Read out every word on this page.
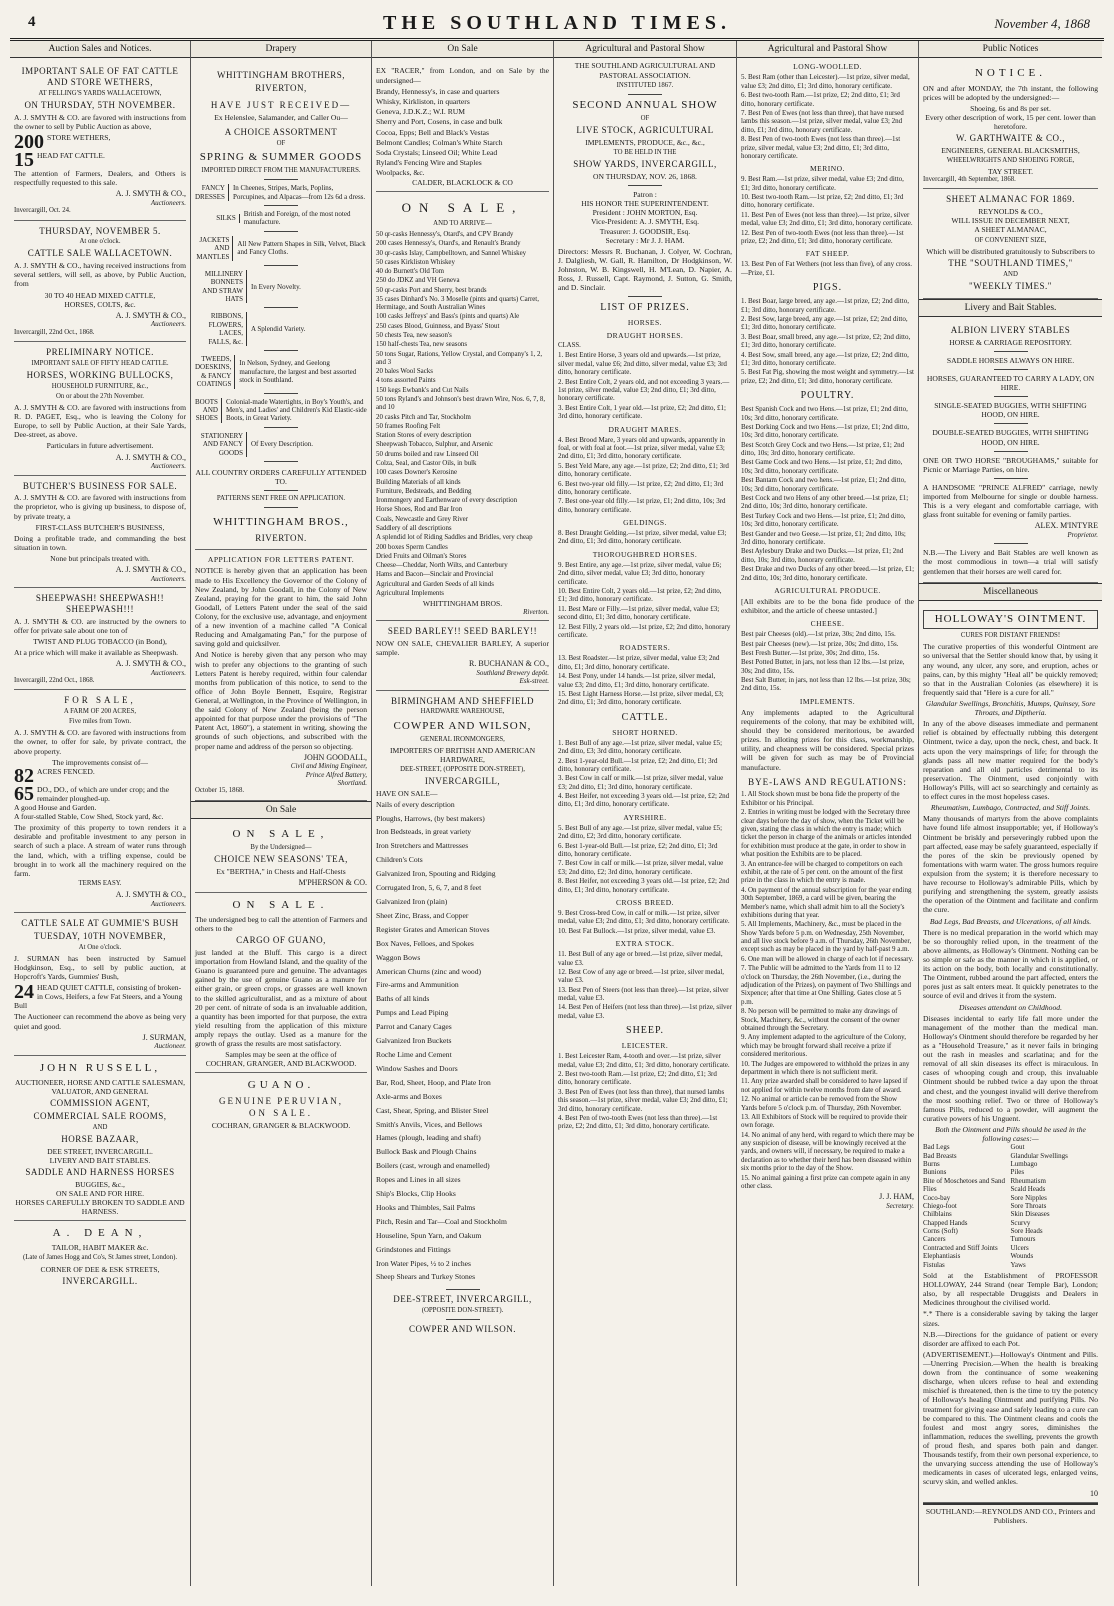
4	THE SOUTHLAND TIMES.	November 4, 1868
Auction Sales and Notices.
IMPORTANT SALE OF FAT CATTLE AND STORE WETHERS,
AT FELLING'S YARDS WALLACETOWN,
ON THURSDAY, 5TH NOVEMBER.

A. J. SMYTH & CO. are favored with instructions from the owner to sell by Public Auction as above,

200 STORE WETHERS,
15 HEAD FAT CATTLE.

The attention of Farmers, Dealers, and Others is respectfully requested to this sale.

A. J. SMYTH & CO.,
Auctioneers.
Invercargill, Oct. 24.
THURSDAY, NOVEMBER 5.
At one o'clock.
CATTLE SALE WALLACETOWN.

A. J. SMYTH & CO., having received instructions from several settlers, will sell, as above, by Public Auction, from

30 TO 40 HEAD MIXED CATTLE,
HORSES, COLTS, &c.
A. J. SMYTH & CO.,
Auctioneers.
Invercargill, 22nd Oct., 1868.
PRELIMINARY NOTICE.
IMPORTANT SALE OF FIFTY HEAD CATTLE.
HORSES, WORKING BULLOCKS,
HOUSEHOLD FURNITURE, &c.,
On or about the 27th November.

A. J. SMYTH & CO. are favored with instructions from R. D. PAGET, Esq., who is leaving the Colony for Europe, to sell by Public Auction, at their Sale Yards, Dee-street, as above.

Particulars in future advertisement.
A. J. SMYTH & CO.,
Auctioneers.
BUTCHER'S BUSINESS FOR SALE.

A. J. SMYTH & CO. are favored with instructions from the proprietor, who is giving up business, to dispose of, by private treaty, a

FIRST-CLASS BUTCHER'S BUSINESS,

Doing a profitable trade, and commanding the best situation in town.

None but principals treated with.
A. J. SMYTH & CO.,
Auctioneers.
SHEEPWASH! SHEEPWASH!! SHEEPWASH!!!

A. J. SMYTH & CO. are instructed by the owners to offer for private sale about one ton of

TWIST AND PLUG TOBACCO (in Bond),

At a price which will make it available as Sheepwash.

A. J. SMYTH & CO.,
Auctioneers.
Invercargill, 22nd Oct., 1868.
FOR SALE,
A FARM OF 200 ACRES,
Five miles from Town.

A. J. SMYTH & CO. are favored with instructions from the owner, to offer for sale, by private contract, the above property.

The improvements consist of—
82 ACRES FENCED.
65 DO., DO., of which are under crop; and the remainder ploughed-up.
A good House and Garden.
A four-stalled Stable, Cow Shed, Stock yard, &c.

The proximity of this property to town renders it a desirable and profitable investment to any person in search of such a place. A stream of water runs through the land, which, with a trifling expense, could be brought in to work all the machinery required on the farm.

TERMS EASY.
A. J. SMYTH & CO.,
Auctioneers.
CATTLE SALE AT GUMMIE'S BUSH
TUESDAY, 10TH NOVEMBER,
At One o'clock.

J. SURMAN has been instructed by Samuel Hodgkinson, Esq., to sell by public auction, at Hopcroft's Yards, Gummies' Bush,

24 HEAD QUIET CATTLE, consisting of broken-in Cows, Heifers, a few Fat Steers, and a Young Bull

The Auctioneer can recommend the above as being very quiet and good.

J. SURMAN,
Auctioneer.
JOHN RUSSELL,
AUCTIONEER, HORSE AND CATTLE SALESMAN, VALUATOR, AND GENERAL
COMMISSION AGENT,
COMMERCIAL SALE ROOMS,
AND
HORSE BAZAAR,
DEE STREET, INVERCARGILL.
LIVERY AND BAIT STABLES.
SADDLE AND HARNESS HORSES
BUGGIES, &c.,
ON SALE AND FOR HIRE.
HORSES CAREFULLY BROKEN TO SADDLE AND HARNESS.
A. DEAN,
TAILOR, HABIT MAKER &c.
(Late of James Hogg and Co's, St James street, London).
CORNER OF DEE & ESK STREETS,
INVERCARGILL.
Drapery
WHITTINGHAM BROTHERS,
RIVERTON,
HAVE JUST RECEIVED—
Ex Helenslee, Salamander, and Caller Ou—
A CHOICE ASSORTMENT
OF
SPRING & SUMMER GOODS
IMPORTED DIRECT FROM THE MANUFACTURERS.
FANCY DRESSES
In Cheenes, Stripes, Marls, Poplins, Porcupines, and Alpacas—from 12s 6d a dress.
SILKS
British and Foreign, of the most noted manufacture.
JACKETS AND MANTLES
All New Pattern Shapes in Silk, Velvet, Black and Fancy Cloths.
MILLINERY BONNETS AND STRAW HATS
In Every Novelty.
RIBBONS, FLOWERS, LACES, FALLS, &c.
A Splendid Variety.
TWEEDS, DOESKINS, & FANCY COATINGS
In Nelson, Sydney, and Geelong manufacture, the largest and best assorted stock in Southland.
BOOTS AND SHOES
Colonial-made Watertights, in Boy's Youth's, and Men's, and Ladies' and Children's Kid Elastic-side Boots, in Great Variety.
STATIONERY AND FANCY GOODS
Of Every Description.
ALL COUNTRY ORDERS CAREFULLY ATTENDED TO.
PATTERNS SENT FREE ON APPLICATION.
WHITTINGHAM BROS.,
RIVERTON.
APPLICATION FOR LETTERS PATENT.

NOTICE is hereby given that an application has been made to His Excellency the Governor of the Colony of New Zealand, by John Goodall, in the Colony of New Zealand, praying for the grant to him, the said John Goodall, of Letters Patent under the seal of the said Colony, for the exclusive use, advantage, and enjoyment of a new invention of a machine called "A Conical Reducing and Amalgamating Pan," for the purpose of saving gold and quicksilver.

And Notice is hereby given that any person who may wish to prefer any objections to the granting of such Letters Patent is hereby required, within four calendar months from publication of this notice, to send to the office of John Boyle Bennett, Esquire, Registrar General, at Wellington, in the Province of Wellington, in the said Colony of New Zealand (being the person appointed for that purpose under the provisions of "The Patent Act, 1860"), a statement in writing, showing the grounds of such objections, and subscribed with the proper name and address of the person so objecting.

JOHN GOODALL,
Civil and Mining Engineer,
Prince Alfred Battery,
Shortland.
October 15, 1868.
On Sale
ON SALE,
By the Undersigned—
CHOICE NEW SEASONS' TEA,
Ex "BERTHA," in Chests and Half-Chests
M'PHERSON & CO.
ON SALE.

The undersigned beg to call the attention of Farmers and others to the

CARGO OF GUANO,

just landed at the Bluff. This cargo is a direct importation from Howland Island, and the quality of the Guano is guaranteed pure and genuine. The advantages gained by the use of genuine Guano as a manure for either grain, or green crops, or grasses are well known to the skilled agriculturalist, and as a mixture of about 20 per cent. of nitrate of soda is an invaluable addition, a quantity has been imported for that purpose, the extra yield resulting from the application of this mixture amply repays the outlay. Used as a manure for the growth of grass the results are most satisfactory.

Samples may be seen at the office of
COCHRAN, GRANGER, AND BLACKWOOD.
GUANO.
GENUINE PERUVIAN,
ON SALE.
COCHRAN, GRANGER & BLACKWOOD.
On Sale

EX "RACER," from London, and on Sale by the undersigned—

Brandy, Hennessy's, in case and quarters
Whisky, Kirkliston, in quarters
Geneva, J.D.K.Z.; W.I. RUM
Sherry and Port, Cosens, in case and bulk
Cocoa, Epps; Bell and Black's Vestas
Belmont Candles; Colman's White Starch
Soda Crystals; Linseed Oil; White Lead
Ryland's Fencing Wire and Staples
Woolpacks, &c.
CALDER, BLACKLOCK & CO
ON SALE,
AND TO ARRIVE—
50 qr-casks Hennessy's, Otard's, and CPV Brandy
200 cases Hennessy's, Otard's, and Renault's Brandy
30 qr-casks Islay, Campbelltown, and Sannel Whiskey
50 cases Kirkliston Whiskey
40 do Burnett's Old Tom
250 do JDKZ and VH Geneva
50 qr-casks Port and Sherry, best brands
35 cases Dinhard's No. 3 Moselle (pints and quarts) Carret, Hermitage, and South Australian Wines
100 casks Jeffreys' and Bass's (pints and quarts) Ale
250 cases Blood, Guinness, and Byass' Stout
50 chests Tea, new season's
150 half-chests Tea, new seasons
50 tons Sugar, Rations, Yellow Crystal, and Company's 1, 2, and 3
20 bales Wool Sacks
4 tons assorted Paints
150 kegs Ewbank's and Cut Nails
50 tons Ryland's and Johnson's best drawn Wire, Nos. 6, 7, 8, and 10
20 casks Pitch and Tar, Stockholm
50 frames Roofing Felt
Station Stores of every description
Sheepwash Tobacco, Sulphur, and Arsenic
50 drums boiled and raw Linseed Oil
Colza, Seal, and Castor Oils, in bulk
100 cases Downer's Kerosine
Building Materials of all kinds
Furniture, Bedsteads, and Bedding
Ironmongery and Earthenware of every description
Horse Shoes, Rod and Bar Iron
Coals, Newcastle and Grey River
Saddlery of all descriptions
A splendid lot of Riding Saddles and Bridles, very cheap
200 boxes Sperm Candles
Dried Fruits and Oilman's Stores
Cheese—Cheddar, North Wilts, and Canterbury
Hams and Bacon—Sinclair and Provincial
Agricultural and Garden Seeds of all kinds
Agricultural Implements
WHITTINGHAM BROS.
Riverton.
SEED BARLEY!! SEED BARLEY!!

NOW ON SALE, CHEVALIER BARLEY, A superior sample.

R. BUCHANAN & CO.,
Southland Brewery depôt.
Esk-street.
BIRMINGHAM AND SHEFFIELD
HARDWARE WAREHOUSE,
COWPER AND WILSON,
GENERAL IRONMONGERS,
IMPORTERS OF BRITISH AND AMERICAN HARDWARE,
DEE-STREET, (OPPOSITE DON-STREET),
INVERCARGILL,
HAVE ON SALE—
Nails of every description
Ploughs, Harrows, (by best makers)
Iron Bedsteads, in great variety
Iron Stretchers and Mattresses
Children's Cots
Galvanized Iron, Spouting and Ridging
Corrugated Iron, 5, 6, 7, and 8 feet
Galvanized Iron (plain)
Sheet Zinc, Brass, and Copper
Register Grates and American Stoves
Box Naves, Felloes, and Spokes
Waggon Bows
American Churns (zinc and wood)
Fire-arms and Ammunition
Baths of all kinds
Pumps and Lead Piping
Parrot and Canary Cages
Galvanized Iron Buckets
Roche Lime and Cement
Window Sashes and Doors
Bar, Rod, Sheet, Hoop, and Plate Iron
Axle-arms and Boxes
Cast, Shear, Spring, and Blister Steel
Smith's Anvils, Vices, and Bellows
Hames (plough, leading and shaft)
Bullock Bask and Plough Chains
Boilers (cast, wrough and enamelled)
Ropes and Lines in all sizes
Ship's Blocks, Clip Hooks
Hooks and Thimbles, Sail Palms
Pitch, Resin and Tar—Coal and Stockholm
Houseline, Spun Yarn, and Oakum
Grindstones and Fittings
Iron Water Pipes, ½ to 2 inches
Sheep Shears and Turkey Stones
DEE-STREET, INVERCARGILL,
(OPPOSITE DON-STREET).
COWPER AND WILSON.
Agricultural and Pastoral Show
THE SOUTHLAND AGRICULTURAL AND PASTORAL ASSOCIATION.
INSTITUTED 1867.
SECOND ANNUAL SHOW
OF
LIVE STOCK, AGRICULTURAL
IMPLEMENTS, PRODUCE, &c., &c.,
TO BE HELD IN THE
SHOW YARDS, INVERCARGILL,
ON THURSDAY, NOV. 26, 1868.
Patron :
HIS HONOR THE SUPERINTENDENT.
President : JOHN MORTON, Esq.
Vice-President: A. J. SMYTH, Esq.
Treasurer: J. GOODSIR, Esq.
Secretary : Mr J. J. HAM.

Directors: Messrs R. Buchanan, J. Colyer, W. Cochran, J. Dalgliesh, W. Gall, R. Hamilton, Dr Hodgkinson, W. Johnston, W. B. Kingswell, H. M'Lean, D. Napier, A. Ross, J. Russell, Capt. Raymond, J. Sutton, G. Smith, and D. Sinclair.

LIST OF PRIZES.
HORSES.
DRAUGHT HORSES.
CLASS.
1. Best Entire Horse, 3 years old and upwards.—1st prize, silver medal, value £6; 2nd ditto, silver medal, value £3; 3rd ditto, honorary certificate.
2. Best Entire Colt, 2 years old, and not exceeding 3 years.—1st prize, silver medal, value £3; 2nd ditto, £1; 3rd ditto, honorary certificate.
3. Best Entire Colt, 1 year old.—1st prize, £2; 2nd ditto, £1; 3rd ditto, honorary certificate.
DRAUGHT MARES.
4. Best Brood Mare, 3 years old and upwards, apparently in foal, or with foal at foot.—1st prize, silver medal, value £3; 2nd ditto, £1; 3rd ditto, honorary certificate.
5. Best Yeld Mare, any age.—1st prize, £2; 2nd ditto, £1; 3rd ditto, honorary certificate.
6. Best two-year old filly.—1st prize, £2; 2nd ditto, £1; 3rd ditto, honorary certificate.
7. Best one-year old filly.—1st prize, £1; 2nd ditto, 10s; 3rd ditto, honorary certificate.
GELDINGS.
8. Best Draught Gelding.—1st prize, silver medal, value £3; 2nd ditto, £1; 3rd ditto, honorary certificate.
THOROUGHBRED HORSES.
9. Best Entire, any age.—1st prize, silver medal, value £6; 2nd ditto, silver medal, value £3; 3rd ditto, honorary certificate.
10. Best Entire Colt, 2 years old.—1st prize, £2; 2nd ditto, £1; 3rd ditto, honorary certificate.
11. Best Mare or Filly.—1st prize, silver medal, value £3; second ditto, £1; 3rd ditto, honorary certificate.
12. Best Filly, 2 years old.—1st prize, £2; 2nd ditto, honorary certificate.
ROADSTERS.
13. Best Roadster.—1st prize, silver medal, value £3; 2nd ditto, £1; 3rd ditto, honorary certificate.
14. Best Pony, under 14 hands.—1st prize, silver medal, value £3; 2nd ditto, £1; 3rd ditto, honorary certificate.
15. Best Light Harness Horse.—1st prize, silver medal, £3; 2nd ditto, £1; 3rd ditto, honorary certificate.
CATTLE.
SHORT HORNED.
1. Best Bull of any age.—1st prize, silver medal, value £5; 2nd ditto, £3; 3rd ditto, honorary certificate.
2. Best 1-year-old Bull.—1st prize, £2; 2nd ditto, £1; 3rd ditto, honorary certificate.
3. Best Cow in calf or milk.—1st prize, silver medal, value £3; 2nd ditto, £1; 3rd ditto, honorary certificate.
4. Best Heifer, not exceeding 3 years old.—1st prize, £2; 2nd ditto, £1; 3rd ditto, honorary certificate.
AYRSHIRE.
5. Best Bull of any age.—1st prize, silver medal, value £5; 2nd ditto, £2; 3rd ditto, honorary certificate.
6. Best 1-year-old Bull.—1st prize, £2; 2nd ditto, £1; 3rd ditto, honorary certificate.
7. Best Cow in calf or milk.—1st prize, silver medal, value £3; 2nd ditto, £2; 3rd ditto, honorary certificate.
8. Best Heifer, not exceeding 3 years old.—1st prize, £2; 2nd ditto, £1; 3rd ditto, honorary certificate.
CROSS BREED.
9. Best Cross-bred Cow, in calf or milk.—1st prize, silver medal, value £3; 2nd ditto, £1; 3rd ditto, honorary certificate.
10. Best Fat Bullock.—1st prize, silver medal, value £3.
EXTRA STOCK.
11. Best Bull of any age or breed.—1st prize, silver medal, value £3.
12. Best Cow of any age or breed.—1st prize, silver medal, value £3.
13. Best Pen of Steers (not less than three).—1st prize, silver medal, value £3.
14. Best Pen of Heifers (not less than three).—1st prize, silver medal, value £3.
SHEEP.
LEICESTER.
1. Best Leicester Ram, 4-tooth and over.—1st prize, silver medal, value £3; 2nd ditto, £1; 3rd ditto, honorary certificate.
2. Best two-tooth Ram.—1st prize, £2; 2nd ditto, £1; 3rd ditto, honorary certificate.
3. Best Pen of Ewes (not less than three), that nursed lambs this season.—1st prize, silver medal, value £3; 2nd ditto, £1; 3rd ditto, honorary certificate.
4. Best Pen of two-tooth Ewes (not less than three).—1st prize, £2; 2nd ditto, £1; 3rd ditto, honorary certificate.
Agricultural and Pastoral Show
LONG-WOOLLED.
5. Best Ram (other than Leicester).—1st prize, silver medal, value £3; 2nd ditto, £1; 3rd ditto, honorary certificate.
6. Best two-tooth Ram.—1st prize, £2; 2nd ditto, £1; 3rd ditto, honorary certificate.
7. Best Pen of Ewes (not less than three), that have nursed lambs this season.—1st prize, silver medal, value £3; 2nd ditto, £1; 3rd ditto, honorary certificate.
8. Best Pen of two-tooth Ewes (not less than three).—1st prize, silver medal, value £3; 2nd ditto, £1; 3rd ditto, honorary certificate.
MERINO.
9. Best Ram.—1st prize, silver medal, value £3; 2nd ditto, £1; 3rd ditto, honorary certificate.
10. Best two-tooth Ram.—1st prize, £2; 2nd ditto, £1; 3rd ditto, honorary certificate.
11. Best Pen of Ewes (not less than three).—1st prize, silver medal, value £3; 2nd ditto, £1; 3rd ditto, honorary certificate.
12. Best Pen of two-tooth Ewes (not less than three).—1st prize, £2; 2nd ditto, £1; 3rd ditto, honorary certificate.
FAT SHEEP.
13. Best Pen of Fat Wethers (not less than five), of any cross.—Prize, £1.
PIGS.
1. Best Boar, large breed, any age.—1st prize, £2; 2nd ditto, £1; 3rd ditto, honorary certificate.
2. Best Sow, large breed, any age.—1st prize, £2; 2nd ditto, £1; 3rd ditto, honorary certificate.
3. Best Boar, small breed, any age.—1st prize, £2; 2nd ditto, £1; 3rd ditto, honorary certificate.
4. Best Sow, small breed, any age.—1st prize, £2; 2nd ditto, £1; 3rd ditto, honorary certificate.
5. Best Fat Pig, showing the most weight and symmetry.—1st prize, £2; 2nd ditto, £1; 3rd ditto, honorary certificate.
POULTRY.
Best Spanish Cock and two Hens.—1st prize, £1; 2nd ditto, 10s; 3rd ditto, honorary certificate.
Best Dorking Cock and two Hens.—1st prize, £1; 2nd ditto, 10s; 3rd ditto, honorary certificate.
Best Scotch Grey Cock and two Hens.—1st prize, £1; 2nd ditto, 10s; 3rd ditto, honorary certificate.
Best Game Cock and two Hens.—1st prize, £1; 2nd ditto, 10s; 3rd ditto, honorary certificate.
Best Bantam Cock and two hens.—1st prize, £1; 2nd ditto, 10s; 3rd ditto, honorary certificate.
Best Cock and two Hens of any other breed.—1st prize, £1; 2nd ditto, 10s; 3rd ditto, honorary certificate.
Best Turkey Cock and two Hens.—1st prize, £1; 2nd ditto, 10s; 3rd ditto, honorary certificate.
Best Gander and two Geese.—1st prize, £1; 2nd ditto, 10s; 3rd ditto, honorary certificate.
Best Aylesbury Drake and two Ducks.—1st prize, £1; 2nd ditto, 10s; 3rd ditto, honorary certificate.
Best Drake and two Ducks of any other breed.—1st prize, £1; 2nd ditto, 10s; 3rd ditto, honorary certificate.
AGRICULTURAL PRODUCE.

[All exhibits are to be the bona fide produce of the exhibitor, and the article of cheese untasted.]

CHEESE.
Best pair Cheeses (old).—1st prize, 30s; 2nd ditto, 15s.
Best pair Cheeses (new).—1st prize, 30s; 2nd ditto, 15s.
Best Fresh Butter.—1st prize, 30s; 2nd ditto, 15s.
Best Potted Butter, in jars, not less than 12 lbs.—1st prize, 30s; 2nd ditto, 15s.
Best Salt Butter, in jars, not less than 12 lbs.—1st prize, 30s; 2nd ditto, 15s.
IMPLEMENTS.

Any implements adapted to the Agricultural requirements of the colony, that may be exhibited will, should they be considered meritorious, be awarded prizes. In alloting prizes for this class, workmanship, utility, and cheapness will be considered. Special prizes will be given for such as may be of Provincial manufacture.

BYE-LAWS AND REGULATIONS:
1. All Stock shown must be bona fide the property of the Exhibitor or his Principal.
2. Entries in writing must be lodged with the Secretary three clear days before the day of show, when the Ticket will be given, stating the class in which the entry is made; which ticket the person in charge of the animals or articles intended for exhibition must produce at the gate, in order to show in what position the Exhibits are to be placed.
3. An entrance-fee will be charged to competitors on each exhibit, at the rate of 5 per cent. on the amount of the first prize in the class in which the entry is made.
4. On payment of the annual subscription for the year ending 30th September, 1869, a card will be given, bearing the Member's name, which shall admit him to all the Society's exhibitions during that year.
5. All Implements, Machinery, &c., must be placed in the Show Yards before 5 p.m. on Wednesday, 25th November, and all live stock before 9 a.m. of Thursday, 26th November, except such as may be placed in the yard by half-past 9 a.m.
6. One man will be allowed in charge of each lot if necessary.
7. The Public will be admitted to the Yards from 11 to 12 o'clock on Thursday, the 26th November, (i.e., during the adjudication of the Prizes), on payment of Two Shillings and Sixpence; after that time at One Shilling. Gates close at 5 p.m.
8. No person will be permitted to make any drawings of Stock, Machinery, &c., without the consent of the owner obtained through the Secretary.
9. Any implement adapted to the agriculture of the Colony, which may be brought forward shall receive a prize if considered meritorious.
10. The Judges are empowered to withhold the prizes in any department in which there is not sufficient merit.
11. Any prize awarded shall be considered to have lapsed if not applied for within twelve months from date of award.
12. No animal or article can be removed from the Show Yards before 5 o'clock p.m. of Thursday, 26th November.
13. All Exhibitors of Stock will be required to provide their own forage.
14. No animal of any herd, with regard to which there may be any suspicion of disease, will be knowingly received at the yards, and owners will, if necessary, be required to make a declaration as to whether their herd has been diseased within six months prior to the day of the Show.
15. No animal gaining a first prize can compete again in any other class.
J. J. HAM,
Secretary.
Public Notices
NOTICE.

ON and after MONDAY, the 7th instant, the following prices will be adopted by the undersigned:—

Shoeing, 6s and 8s per set.
Every other description of work, 15 per cent. lower than heretofore.
W. GARTHWAITE & CO.,
ENGINEERS, GENERAL BLACKSMITHS,
WHEELWRIGHTS AND SHOEING FORGE,
TAY STREET.
Invercargill, 4th September, 1868.
SHEET ALMANAC FOR 1869.
REYNOLDS & CO.,
WILL ISSUE IN DECEMBER NEXT,
A SHEET ALMANAC,
OF CONVENIENT SIZE,
Which will be distributed gratuitously to Subscribers to
THE "SOUTHLAND TIMES,"
AND
"WEEKLY TIMES."
Livery and Bait Stables.
ALBION LIVERY STABLES
HORSE & CARRIAGE REPOSITORY.
SADDLE HORSES ALWAYS ON HIRE.
HORSES, GUARANTEED TO CARRY A LADY, ON HIRE.
SINGLE-SEATED BUGGIES, WITH SHIFTING HOOD, ON HIRE.
DOUBLE-SEATED BUGGIES, WITH SHIFTING HOOD, ON HIRE.

ONE OR TWO HORSE "BROUGHAMS," suitable for Picnic or Marriage Parties, on hire.

A HANDSOME "PRINCE ALFRED" carriage, newly imported from Melbourne for single or double harness. This is a very elegant and comfortable carriage, with glass front suitable for evening or family parties.

ALEX. M'INTYRE
Proprietor.

N.B.—The Livery and Bait Stables are well known as the most commodious in town—a trial will satisfy gentlemen that their horses are well cared for.

Miscellaneous
HOLLOWAY'S OINTMENT.
CURES FOR DISTANT FRIENDS!

The curative properties of this wonderful Ointment are so universal that the Settler should know that, by using it any wound, any ulcer, any sore, and eruption, aches or pains, can, by this mighty "Heal all" be quickly removed; so that in the Australian Colonies (as elsewhere) it is frequently said that "Here is a cure for all."

Glandular Swellings, Bronchitis, Mumps, Quinsey, Sore Throats, and Diptheria.

In any of the above diseases immediate and permanent relief is obtained by effectually rubbing this detergent Ointment, twice a day, upon the neck, chest, and back. It acts upon the very mainsprings of life; for through the glands pass all new matter required for the body's reparation and all old particles detrimental to its preservation. The Ointment, used conjointly with Holloway's Pills, will act so searchingly and certainly as to effect cures in the most hopeless cases.

Rheumatism, Lumbago, Contracted, and Stiff Joints.

Many thousands of martyrs from the above complaints have found life almost insupportable; yet, if Holloway's Ointment be briskly and perseveringly rubbed upon the part affected, ease may be safely guaranteed, especially if the pores of the skin be previously opened by fomentations with warm water. The gross humors require expulsion from the system; it is therefore necessary to have recourse to Holloway's admirable Pills, which by purifying and strengthening the system, greatly assists the operation of the Ointment and facilitate and confirm the cure.

Bad Legs, Bad Breasts, and Ulcerations, of all kinds.

There is no medical preparation in the world which may be so thoroughly relied upon, in the treatment of the above ailments, as Holloway's Ointment. Nothing can be so simple or safe as the manner in which it is applied, or its action on the body, both locally and constitutionally. The Ointment, rubbed around the part affected, enters the pores just as salt enters meat. It quickly penetrates to the source of evil and drives it from the system.

Diseases attendant on Childhood.

Diseases incidental to early life fall more under the management of the mother than the medical man. Holloway's Ointment should therefore be regarded by her as a "Household Treasure," as it never fails in bringing out the rash in measles and scarlatina; and for the removal of all skin diseases its effect is miraculous. In cases of whooping cough and croup, this invaluable Ointment should be rubbed twice a day upon the throat and chest, and the youngest invalid will derive therefrom the most soothing relief. Two or three of Holloway's famous Pills, reduced to a powder, will augment the curative powers of his Unguent.

Both the Ointment and Pills should be used in the following cases:—
Bad Legs
Bad Breasts
Burns
Bunions
Bite of Moschetoes and Sand Flies
Coco-bay
Chiego-foot
Chilblains
Chapped Hands
Corns (Soft)
Cancers
Contracted and Stiff Joints
Elephantiasis
Fistulas
Gout
Glandular Swellings
Lumbago
Piles
Rheumatism
Scald Heads
Sore Nipples
Sore Throats
Skin Diseases
Scurvy
Sore Heads
Tumours
Ulcers
Wounds
Yaws

Sold at the Establishment of PROFESSOR HOLLOWAY, 244 Strand (near Temple Bar), London; also, by all respectable Druggists and Dealers in Medicines throughout the civilised world.

*.* There is a considerable saving by taking the larger sizes.

N.B.—Directions for the guidance of patient or every disorder are affixed to each Pot.

(ADVERTISEMENT.)—Holloway's Ointment and Pills.—Unerring Precision.—When the health is breaking down from the continuance of some weakening discharge, when ulcers refuse to heal and extending mischief is threatened, then is the time to try the potency of Holloway's healing Ointment and purifying Pills. No treatment for giving ease and safely leading to a cure can be compared to this. The Ointment cleans and cools the foulest and most angry sores, diminishes the inflammation, reduces the swelling, prevents the growth of proud flesh, and spares both pain and danger. Thousands testify, from their own personal experience, to the unvarying success attending the use of Holloway's medicaments in cases of ulcerated legs, enlarged veins, scurvy skin, and welled ankles.

10
SOUTHLAND:—REYNOLDS AND CO., Printers and Publishers.
